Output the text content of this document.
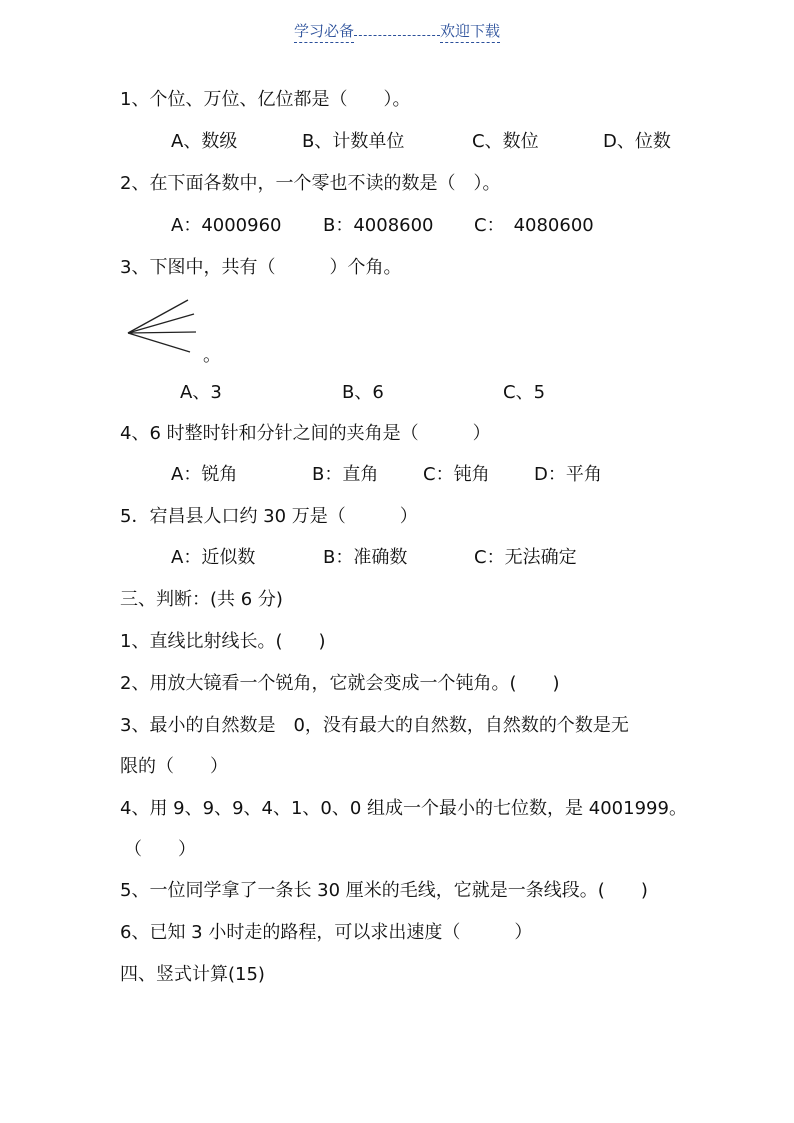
学习必备	欢迎下载
1、个位、万位、亿位都是（　　）。
A、数级	B、计数单位	C、数位	D、位数
2、在下面各数中，一个零也不读的数是（　）。
A：4000960 B：4008600 C：　4080600
3、下图中，共有（　　　）个角。
。
A、3	B、6	C、5
4、6 时整时针和分针之间的夹角是（　　　）
A：锐角	B：直角 C：钝角 D：平角
5．宕昌县人口约 30 万是（　　　）
A：近似数	B：准确数	C：无法确定
三、判断：(共 6 分)
1、直线比射线长。(　　)
2、用放大镜看一个锐角，它就会变成一个钝角。(　　)
3、最小的自然数是　0，没有最大的自然数，自然数的个数是无
限的（　　）
4、用 9、9、9、4、1、0、0 组成一个最小的七位数，是 4001999。
（　　）
5、一位同学拿了一条长 30 厘米的毛线，它就是一条线段。(　　)
6、已知 3 小时走的路程，可以求出速度（　　　）
四、竖式计算(15)
